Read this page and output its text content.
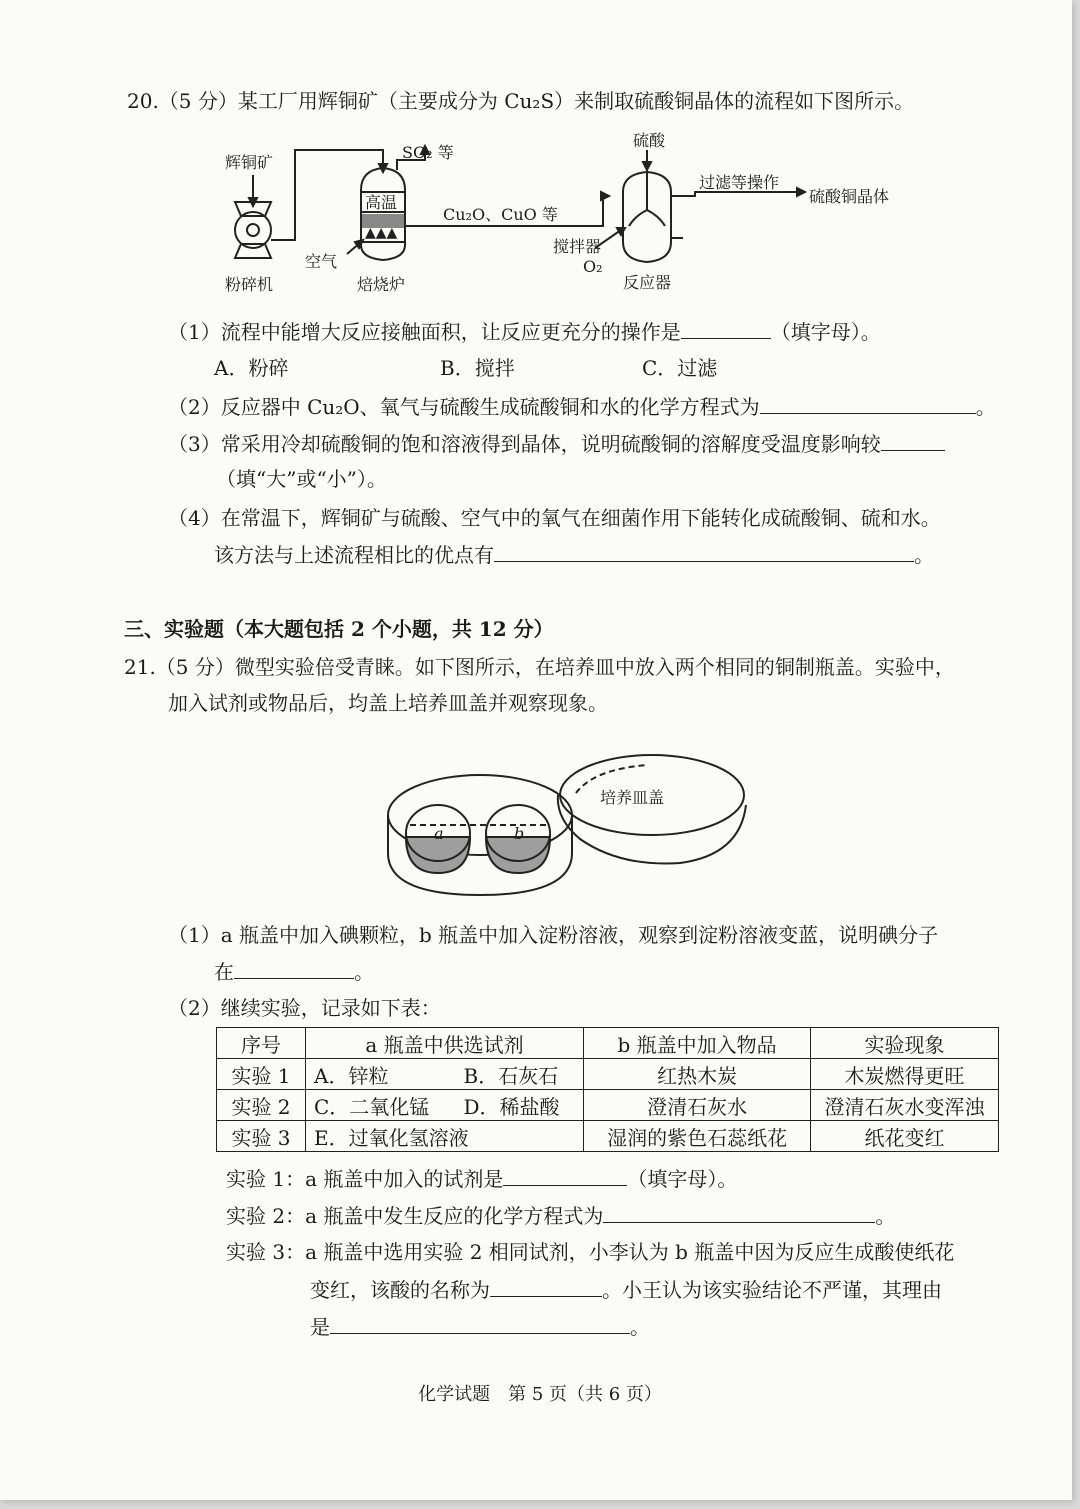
20.（5 分）某工厂用辉铜矿（主要成分为 Cu₂S）来制取硫酸铜晶体的流程如下图所示。
▲▲▲
辉铜矿
粉碎机
高温
SO₂ 等
空气
焙烧炉
Cu₂O、CuO 等
硫酸
搅拌器
O₂
反应器
过滤等操作
硫酸铜晶体
（1）流程中能增大反应接触面积，让反应更充分的操作是	（填字母）。
A．粉碎	B．搅拌	C．过滤
（2）反应器中 Cu₂O、氧气与硫酸生成硫酸铜和水的化学方程式为	。
（3）常采用冷却硫酸铜的饱和溶液得到晶体，说明硫酸铜的溶解度受温度影响较
（填“大”或“小”）。
（4）在常温下，辉铜矿与硫酸、空气中的氧气在细菌作用下能转化成硫酸铜、硫和水。
该方法与上述流程相比的优点有	。
三、实验题（本大题包括 2 个小题，共 12 分）
21.（5 分）微型实验倍受青睐。如下图所示，在培养皿中放入两个相同的铜制瓶盖。实验中，
加入试剂或物品后，均盖上培养皿盖并观察现象。
a	b
培养皿盖
（1）a 瓶盖中加入碘颗粒，b 瓶盖中加入淀粉溶液，观察到淀粉溶液变蓝，说明碘分子
在	。
（2）继续实验，记录如下表：
序号	a 瓶盖中供选试剂		b 瓶盖中加入物品	实验现象
实验 1	A．锌粒	B．石灰石	红热木炭	木炭燃得更旺
实验 2	C．二氧化锰	D．稀盐酸	澄清石灰水	澄清石灰水变浑浊
实验 3	E．过氧化氢溶液		湿润的紫色石蕊纸花	纸花变红
实验 1：a 瓶盖中加入的试剂是	（填字母）。
实验 2：a 瓶盖中发生反应的化学方程式为	。
实验 3：a 瓶盖中选用实验 2 相同试剂，小李认为 b 瓶盖中因为反应生成酸使纸花
变红，该酸的名称为	。小王认为该实验结论不严谨，其理由
是	。
化学试题　第 5 页（共 6 页）
